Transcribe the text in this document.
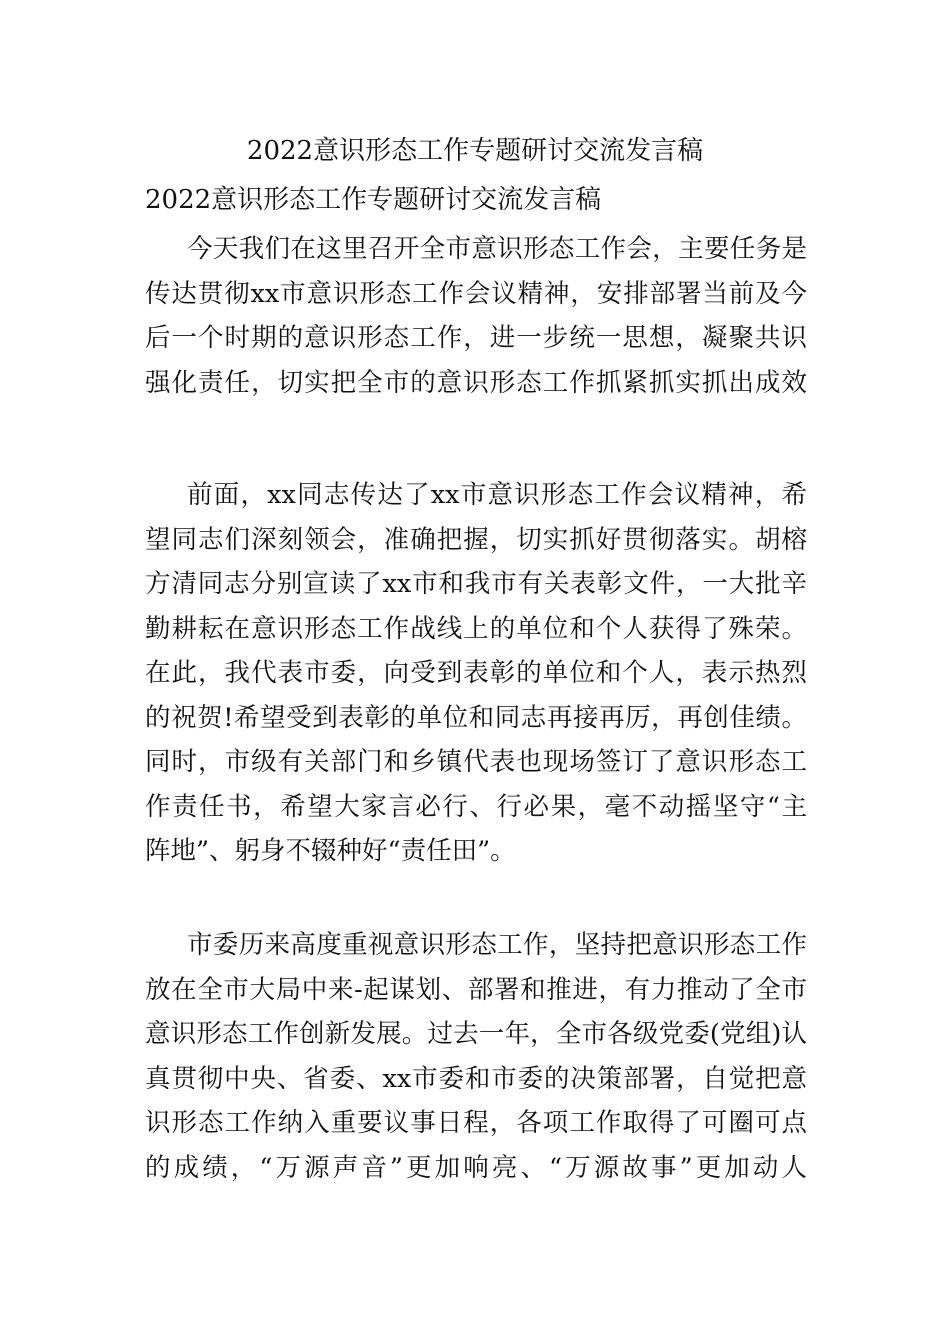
2022意识形态工作专题研讨交流发言稿
2022意识形态工作专题研讨交流发言稿
今天我们在这里召开全市意识形态工作会，主要任务是
传达贯彻xx市意识形态工作会议精神，安排部署当前及今
后一个时期的意识形态工作，进一步统一思想，凝聚共识
强化责任，切实把全市的意识形态工作抓紧抓实抓出成效
前面，xx同志传达了xx市意识形态工作会议精神，希
望同志们深刻领会，准确把握，切实抓好贯彻落实。胡榕
方清同志分别宣读了xx市和我市有关表彰文件，一大批辛
勤耕耘在意识形态工作战线上的单位和个人获得了殊荣。
在此，我代表市委，向受到表彰的单位和个人，表示热烈
的祝贺!希望受到表彰的单位和同志再接再厉，再创佳绩。
同时，市级有关部门和乡镇代表也现场签订了意识形态工
作责任书，希望大家言必行、行必果，毫不动摇坚守“主
阵地”、躬身不辍种好“责任田”。
市委历来高度重视意识形态工作，坚持把意识形态工作
放在全市大局中来-起谋划、部署和推进，有力推动了全市
意识形态工作创新发展。过去一年，全市各级党委(党组)认
真贯彻中央、省委、xx市委和市委的决策部署，自觉把意
识形态工作纳入重要议事日程，各项工作取得了可圈可点
的成绩，“万源声音”更加响亮、“万源故事”更加动人
